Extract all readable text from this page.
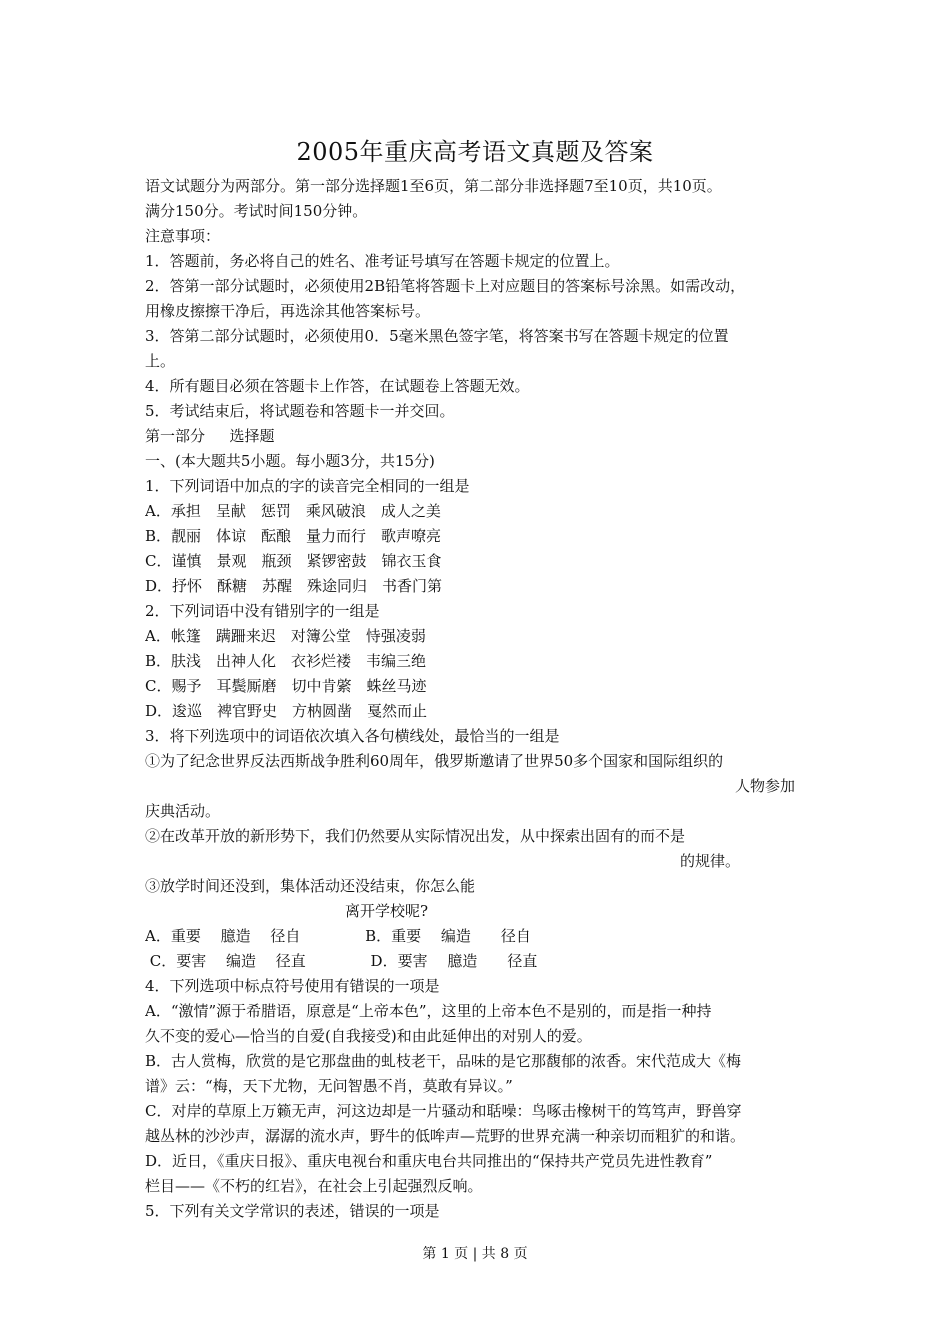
2005年重庆高考语文真题及答案
语文试题分为两部分。第一部分选择题1至6页，第二部分非选择题7至10页，共10页。
满分150分。考试时间150分钟。
注意事项：
1．答题前，务必将自己的姓名、准考证号填写在答题卡规定的位置上。
2．答第一部分试题时，必须使用2B铅笔将答题卡上对应题目的答案标号涂黑。如需改动，
用橡皮擦擦干净后，再选涂其他答案标号。
3．答第二部分试题时，必须使用0．5毫米黑色签字笔，将答案书写在答题卡规定的位置
上。
4．所有题目必须在答题卡上作答，在试题卷上答题无效。
5．考试结束后，将试题卷和答题卡一并交回。
第一部分　  选择题
一、(本大题共5小题。每小题3分，共15分)
1．下列词语中加点的字的读音完全相同的一组是
A．承担　呈献　惩罚　乘风破浪　成人之美
B．靓丽　体谅　酝酿　量力而行　歌声嘹亮
C．谨慎　景观　瓶颈　紧锣密鼓　锦衣玉食
D．抒怀　酥糖　苏醒　殊途同归　书香门第
2．下列词语中没有错别字的一组是
A．帐篷　蹒跚来迟　对簿公堂　恃强凌弱
B．肤浅　出神人化　衣衫烂褛　韦编三绝
C．赐予　耳鬓厮磨　切中肯綮　蛛丝马迹
D．逡巡　裨官野史　方枘圆凿　戛然而止
3．将下列选项中的词语依次填入各句横线处，最恰当的一组是
①为了纪念世界反法西斯战争胜利60周年，俄罗斯邀请了世界50多个国家和国际组织的
人物参加
庆典活动。
②在改革开放的新形势下，我们仍然要从实际情况出发，从中探索出固有的而不是
的规律。
③放学时间还没到，集体活动还没结束，你怎么能
离开学校呢?
A．重要　 臆造　 径自　　　　 B．重要　 编造　　径自
C．要害　 编造　 径直　　　　 D．要害　 臆造　　径直
4．下列选项中标点符号使用有错误的一项是
A．“激情”源于希腊语，原意是“上帝本色”，这里的上帝本色不是别的，而是指一种持
久不变的爱心—恰当的自爱(自我接受)和由此延伸出的对别人的爱。
B．古人赏梅，欣赏的是它那盘曲的虬枝老干，品味的是它那馥郁的浓香。宋代范成大《梅
谱》云：“梅，天下尤物，无问智愚不肖，莫敢有异议。”
C．对岸的草原上万籁无声，河这边却是一片骚动和聒噪：鸟啄击橡树干的笃笃声，野兽穿
越丛林的沙沙声，潺潺的流水声，野牛的低哞声—荒野的世界充满一种亲切而粗犷的和谐。
D．近日，《重庆日报》、重庆电视台和重庆电台共同推出的“保持共产党员先进性教育”
栏目——《不朽的红岩》，在社会上引起强烈反响。
5．下列有关文学常识的表述，错误的一项是
第 1 页 | 共 8 页
